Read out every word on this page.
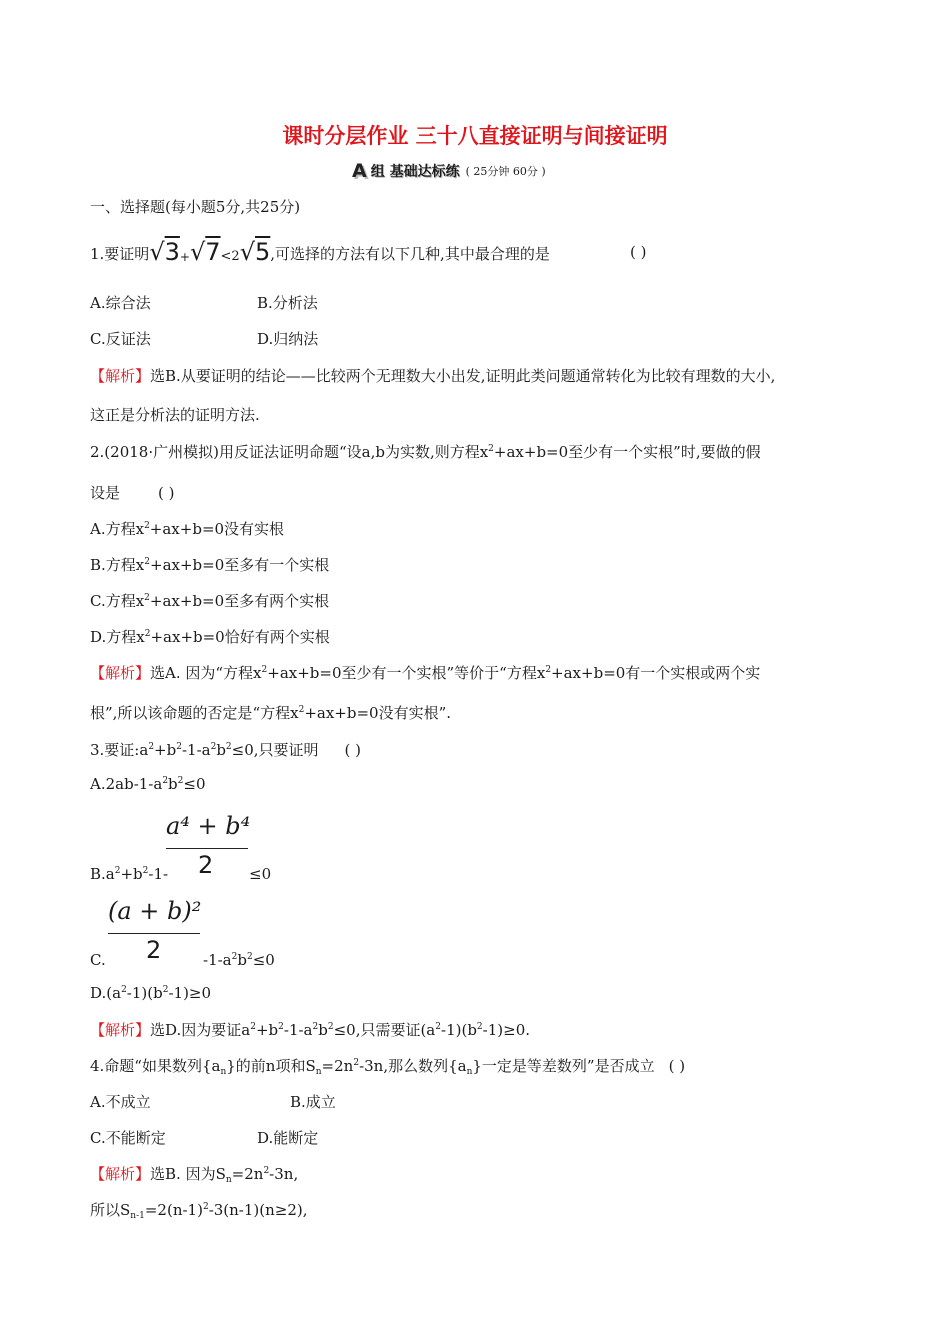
课时分层作业 三十八直接证明与间接证明
A 组 基础达标练 ( 25分钟 60分 )
一、选择题(每小题5分,共25分)
1.要证明 √3 + √7 <2 √5 ,可选择的方法有以下几种,其中最合理的是	( )
A.综合法	B.分析法
C.反证法	D.归纳法
【解析】选B.从要证明的结论——比较两个无理数大小出发,证明此类问题通常转化为比较有理数的大小,
这正是分析法的证明方法.
2.(2018·广州模拟)用反证法证明命题“设a,b为实数,则方程$x^2+ax+b=0$至少有一个实根”时,要做的假
设是	( )
A.方程$x^2+ax+b=0$没有实根
B.方程$x^2+ax+b=0$至多有一个实根
C.方程$x^2+ax+b=0$至多有两个实根
D.方程$x^2+ax+b=0$恰好有两个实根
【解析】选A. 因为“方程$x^2+ax+b=0$至少有一个实根”等价于“方程$x^2+ax+b=0$有一个实根或两个实
根”,所以该命题的否定是“方程$x^2+ax+b=0$没有实根”.
3.要证$:a^2+b^2-1-a^2b^2\le 0$,只要证明 ( )
$A.2ab-1-a^2b^2\le 0$
a⁴ + b⁴
2
$B.a^2+b^2-1-$	≤0
(a + b)²
2
C.	$-1-a^2b^2\le 0$
$D.(a^2-1)(b^2-1)\ge 0$
【解析】选D.因为要证$a^2+b^2-1-a^2b^2\le 0$,只需要证$(a^2-1)(b^2-1)\ge 0$.
4.命题“如果数列$\{a_n\}$的前n项和$S_n=2n^2-3n$,那么数列$\{a_n\}$一定是等差数列”是否成立 ( )
A.不成立	B.成立
C.不能断定	D.能断定
【解析】选B. 因为$S_n=2n^2-3n$,
所以$S_{n-1}=2(n-1)^2-3(n-1)(n\ge 2)$,
